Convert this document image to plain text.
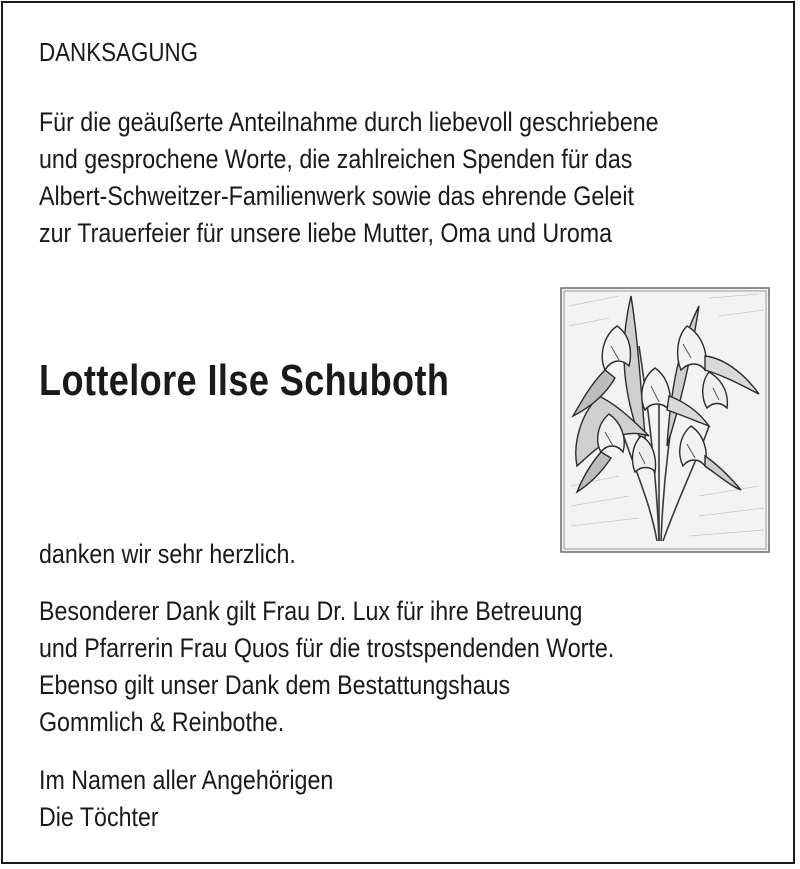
DANKSAGUNG
Für die geäußerte Anteilnahme durch liebevoll geschriebene
und gesprochene Worte, die zahlreichen Spenden für das
Albert-Schweitzer-Familienwerk sowie das ehrende Geleit
zur Trauerfeier für unsere liebe Mutter, Oma und Uroma
Lottelore Ilse Schuboth
danken wir sehr herzlich.
Besonderer Dank gilt Frau Dr. Lux für ihre Betreuung
und Pfarrerin Frau Quos für die trostspendenden Worte.
Ebenso gilt unser Dank dem Bestattungshaus
Gommlich & Reinbothe.
Im Namen aller Angehörigen
Die Töchter
